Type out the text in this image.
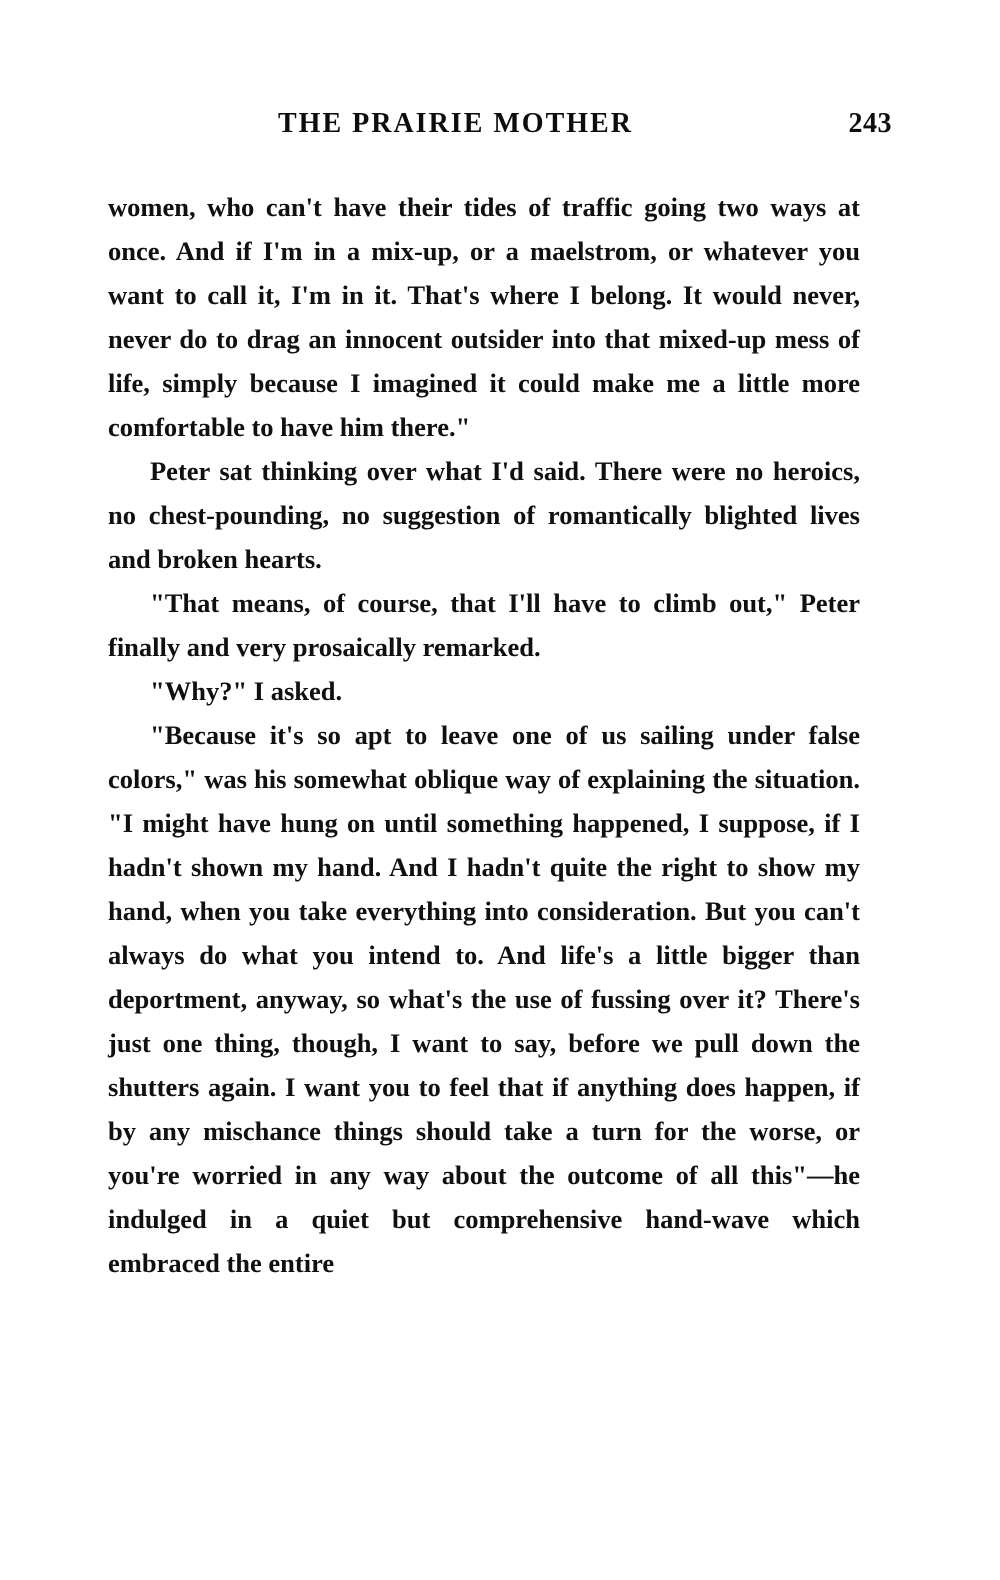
THE PRAIRIE MOTHER	243

women, who can't have their tides of traffic going two ways at once. And if I'm in a mix-up, or a maelstrom, or whatever you want to call it, I'm in it. That's where I belong. It would never, never do to drag an innocent outsider into that mixed-up mess of life, simply because I imagined it could make me a little more comfortable to have him there."

Peter sat thinking over what I'd said. There were no heroics, no chest-pounding, no suggestion of romantically blighted lives and broken hearts.

"That means, of course, that I'll have to climb out," Peter finally and very prosaically remarked.

"Why?" I asked.

"Because it's so apt to leave one of us sailing under false colors," was his somewhat oblique way of explaining the situation. "I might have hung on until something happened, I suppose, if I hadn't shown my hand. And I hadn't quite the right to show my hand, when you take everything into consideration. But you can't always do what you intend to. And life's a little bigger than deportment, anyway, so what's the use of fussing over it? There's just one thing, though, I want to say, before we pull down the shutters again. I want you to feel that if anything does happen, if by any mischance things should take a turn for the worse, or you're worried in any way about the outcome of all this"—he indulged in a quiet but comprehensive hand-wave which embraced the entire
